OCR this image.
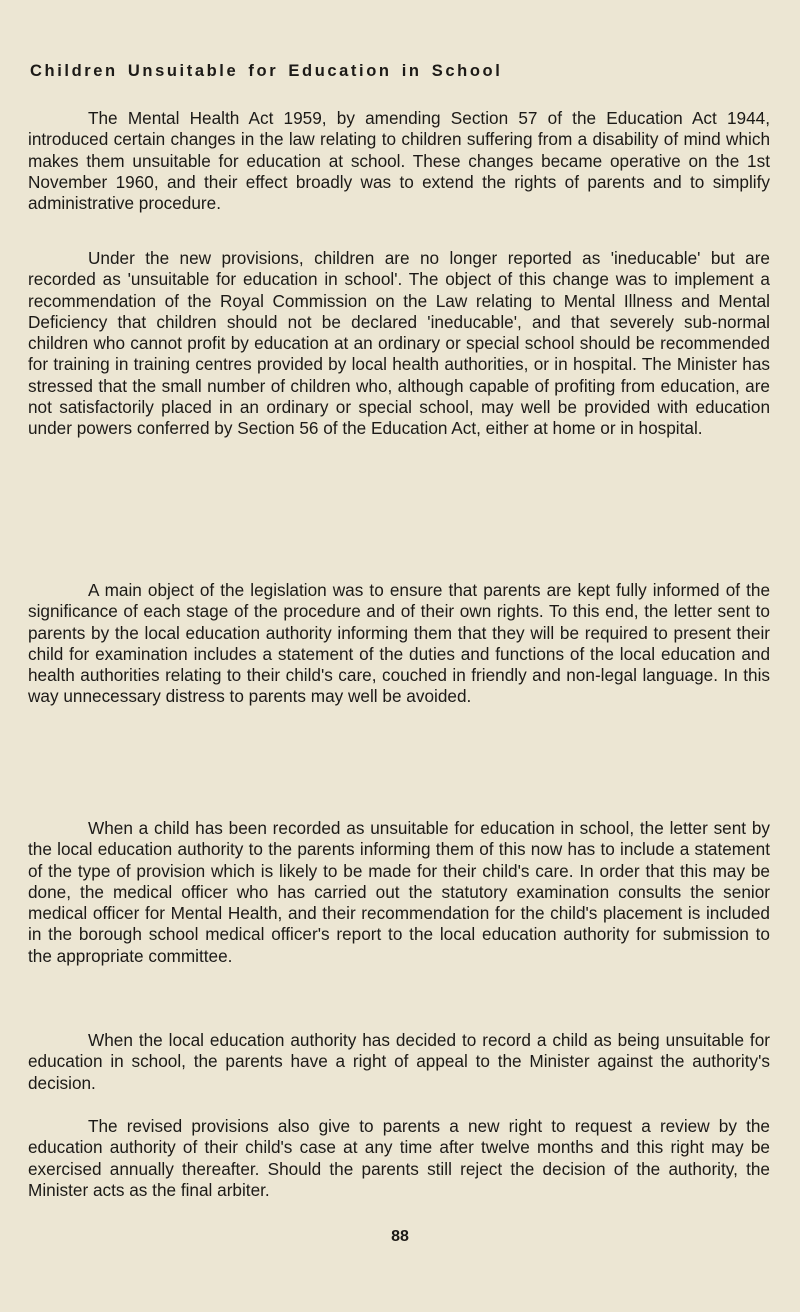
Children Unsuitable for Education in School

The Mental Health Act 1959, by amending Section 57 of the Education Act 1944, introduced certain changes in the law relating to children suffering from a disability of mind which makes them unsuitable for education at school. These changes became operative on the 1st November 1960, and their effect broadly was to extend the rights of parents and to simplify administrative procedure.

Under the new provisions, children are no longer reported as 'ineducable' but are recorded as 'unsuitable for education in school'. The object of this change was to implement a recommendation of the Royal Commission on the Law relating to Mental Illness and Mental Deficiency that children should not be declared 'ineducable', and that severely sub-normal children who cannot profit by education at an ordinary or special school should be recommended for training in training centres provided by local health authorities, or in hospital. The Minister has stressed that the small number of children who, although capable of profiting from education, are not satisfactorily placed in an ordinary or special school, may well be provided with education under powers conferred by Section 56 of the Education Act, either at home or in hospital.

A main object of the legislation was to ensure that parents are kept fully informed of the significance of each stage of the procedure and of their own rights. To this end, the letter sent to parents by the local education authority informing them that they will be required to present their child for examination includes a statement of the duties and functions of the local education and health authorities relating to their child's care, couched in friendly and non-legal language. In this way unnecessary distress to parents may well be avoided.

When a child has been recorded as unsuitable for education in school, the letter sent by the local education authority to the parents informing them of this now has to include a statement of the type of provision which is likely to be made for their child's care. In order that this may be done, the medical officer who has carried out the statutory examination consults the senior medical officer for Mental Health, and their recommendation for the child's placement is included in the borough school medical officer's report to the local education authority for submission to the appropriate committee.

When the local education authority has decided to record a child as being unsuitable for education in school, the parents have a right of appeal to the Minister against the authority's decision.

The revised provisions also give to parents a new right to request a review by the education authority of their child's case at any time after twelve months and this right may be exercised annually thereafter. Should the parents still reject the decision of the authority, the Minister acts as the final arbiter.

88
